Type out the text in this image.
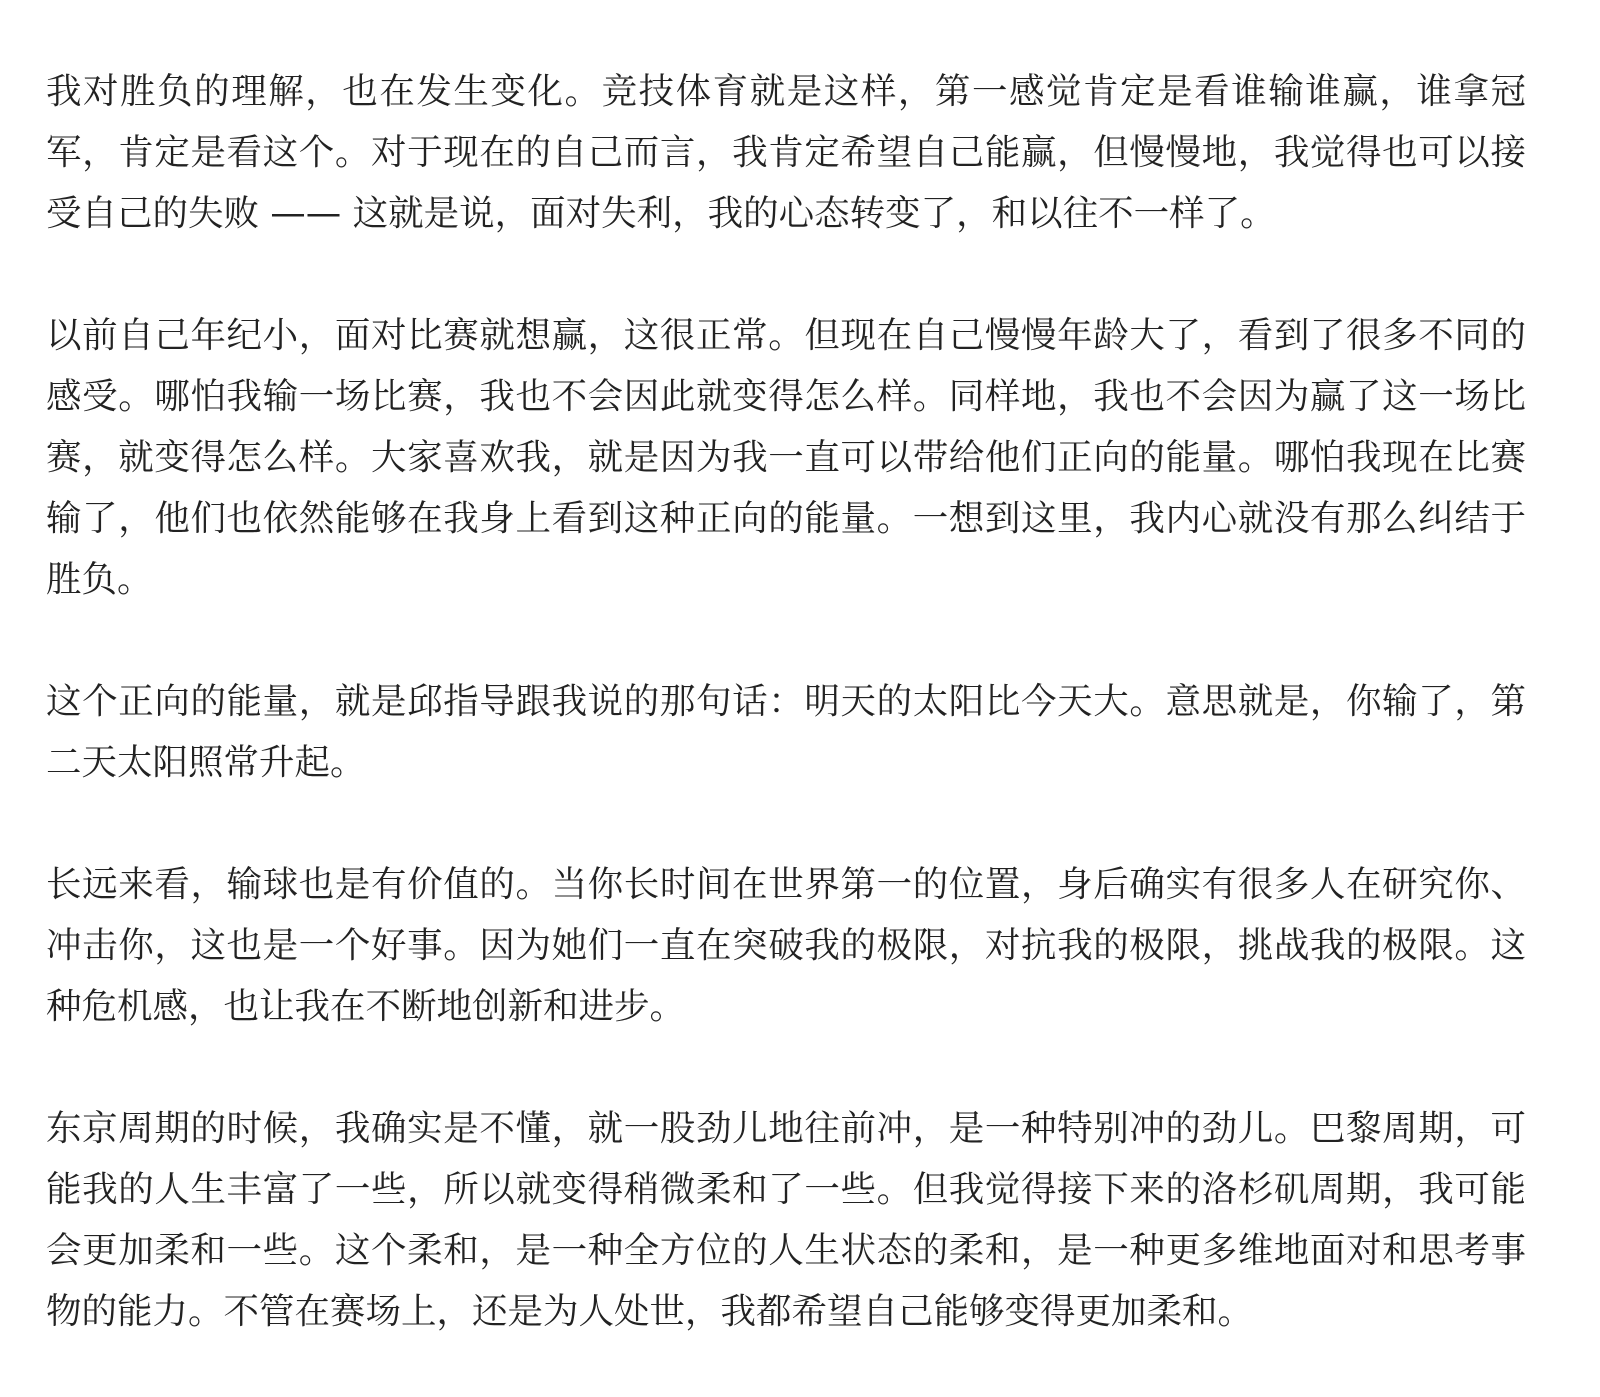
我对胜负的理解，也在发生变化。竞技体育就是这样，第一感觉肯定是看谁输谁赢，谁拿冠军，肯定是看这个。对于现在的自己而言，我肯定希望自己能赢，但慢慢地，我觉得也可以接受自己的失败 —— 这就是说，面对失利，我的心态转变了，和以往不一样了。

以前自己年纪小，面对比赛就想赢，这很正常。但现在自己慢慢年龄大了，看到了很多不同的感受。哪怕我输一场比赛，我也不会因此就变得怎么样。同样地，我也不会因为赢了这一场比赛，就变得怎么样。大家喜欢我，就是因为我一直可以带给他们正向的能量。哪怕我现在比赛输了，他们也依然能够在我身上看到这种正向的能量。一想到这里，我内心就没有那么纠结于胜负。

这个正向的能量，就是邱指导跟我说的那句话：明天的太阳比今天大。意思就是，你输了，第二天太阳照常升起。

长远来看，输球也是有价值的。当你长时间在世界第一的位置，身后确实有很多人在研究你、冲击你，这也是一个好事。因为她们一直在突破我的极限，对抗我的极限，挑战我的极限。这种危机感，也让我在不断地创新和进步。

东京周期的时候，我确实是不懂，就一股劲儿地往前冲，是一种特别冲的劲儿。巴黎周期，可能我的人生丰富了一些，所以就变得稍微柔和了一些。但我觉得接下来的洛杉矶周期，我可能会更加柔和一些。这个柔和，是一种全方位的人生状态的柔和，是一种更多维地面对和思考事物的能力。不管在赛场上，还是为人处世，我都希望自己能够变得更加柔和。
